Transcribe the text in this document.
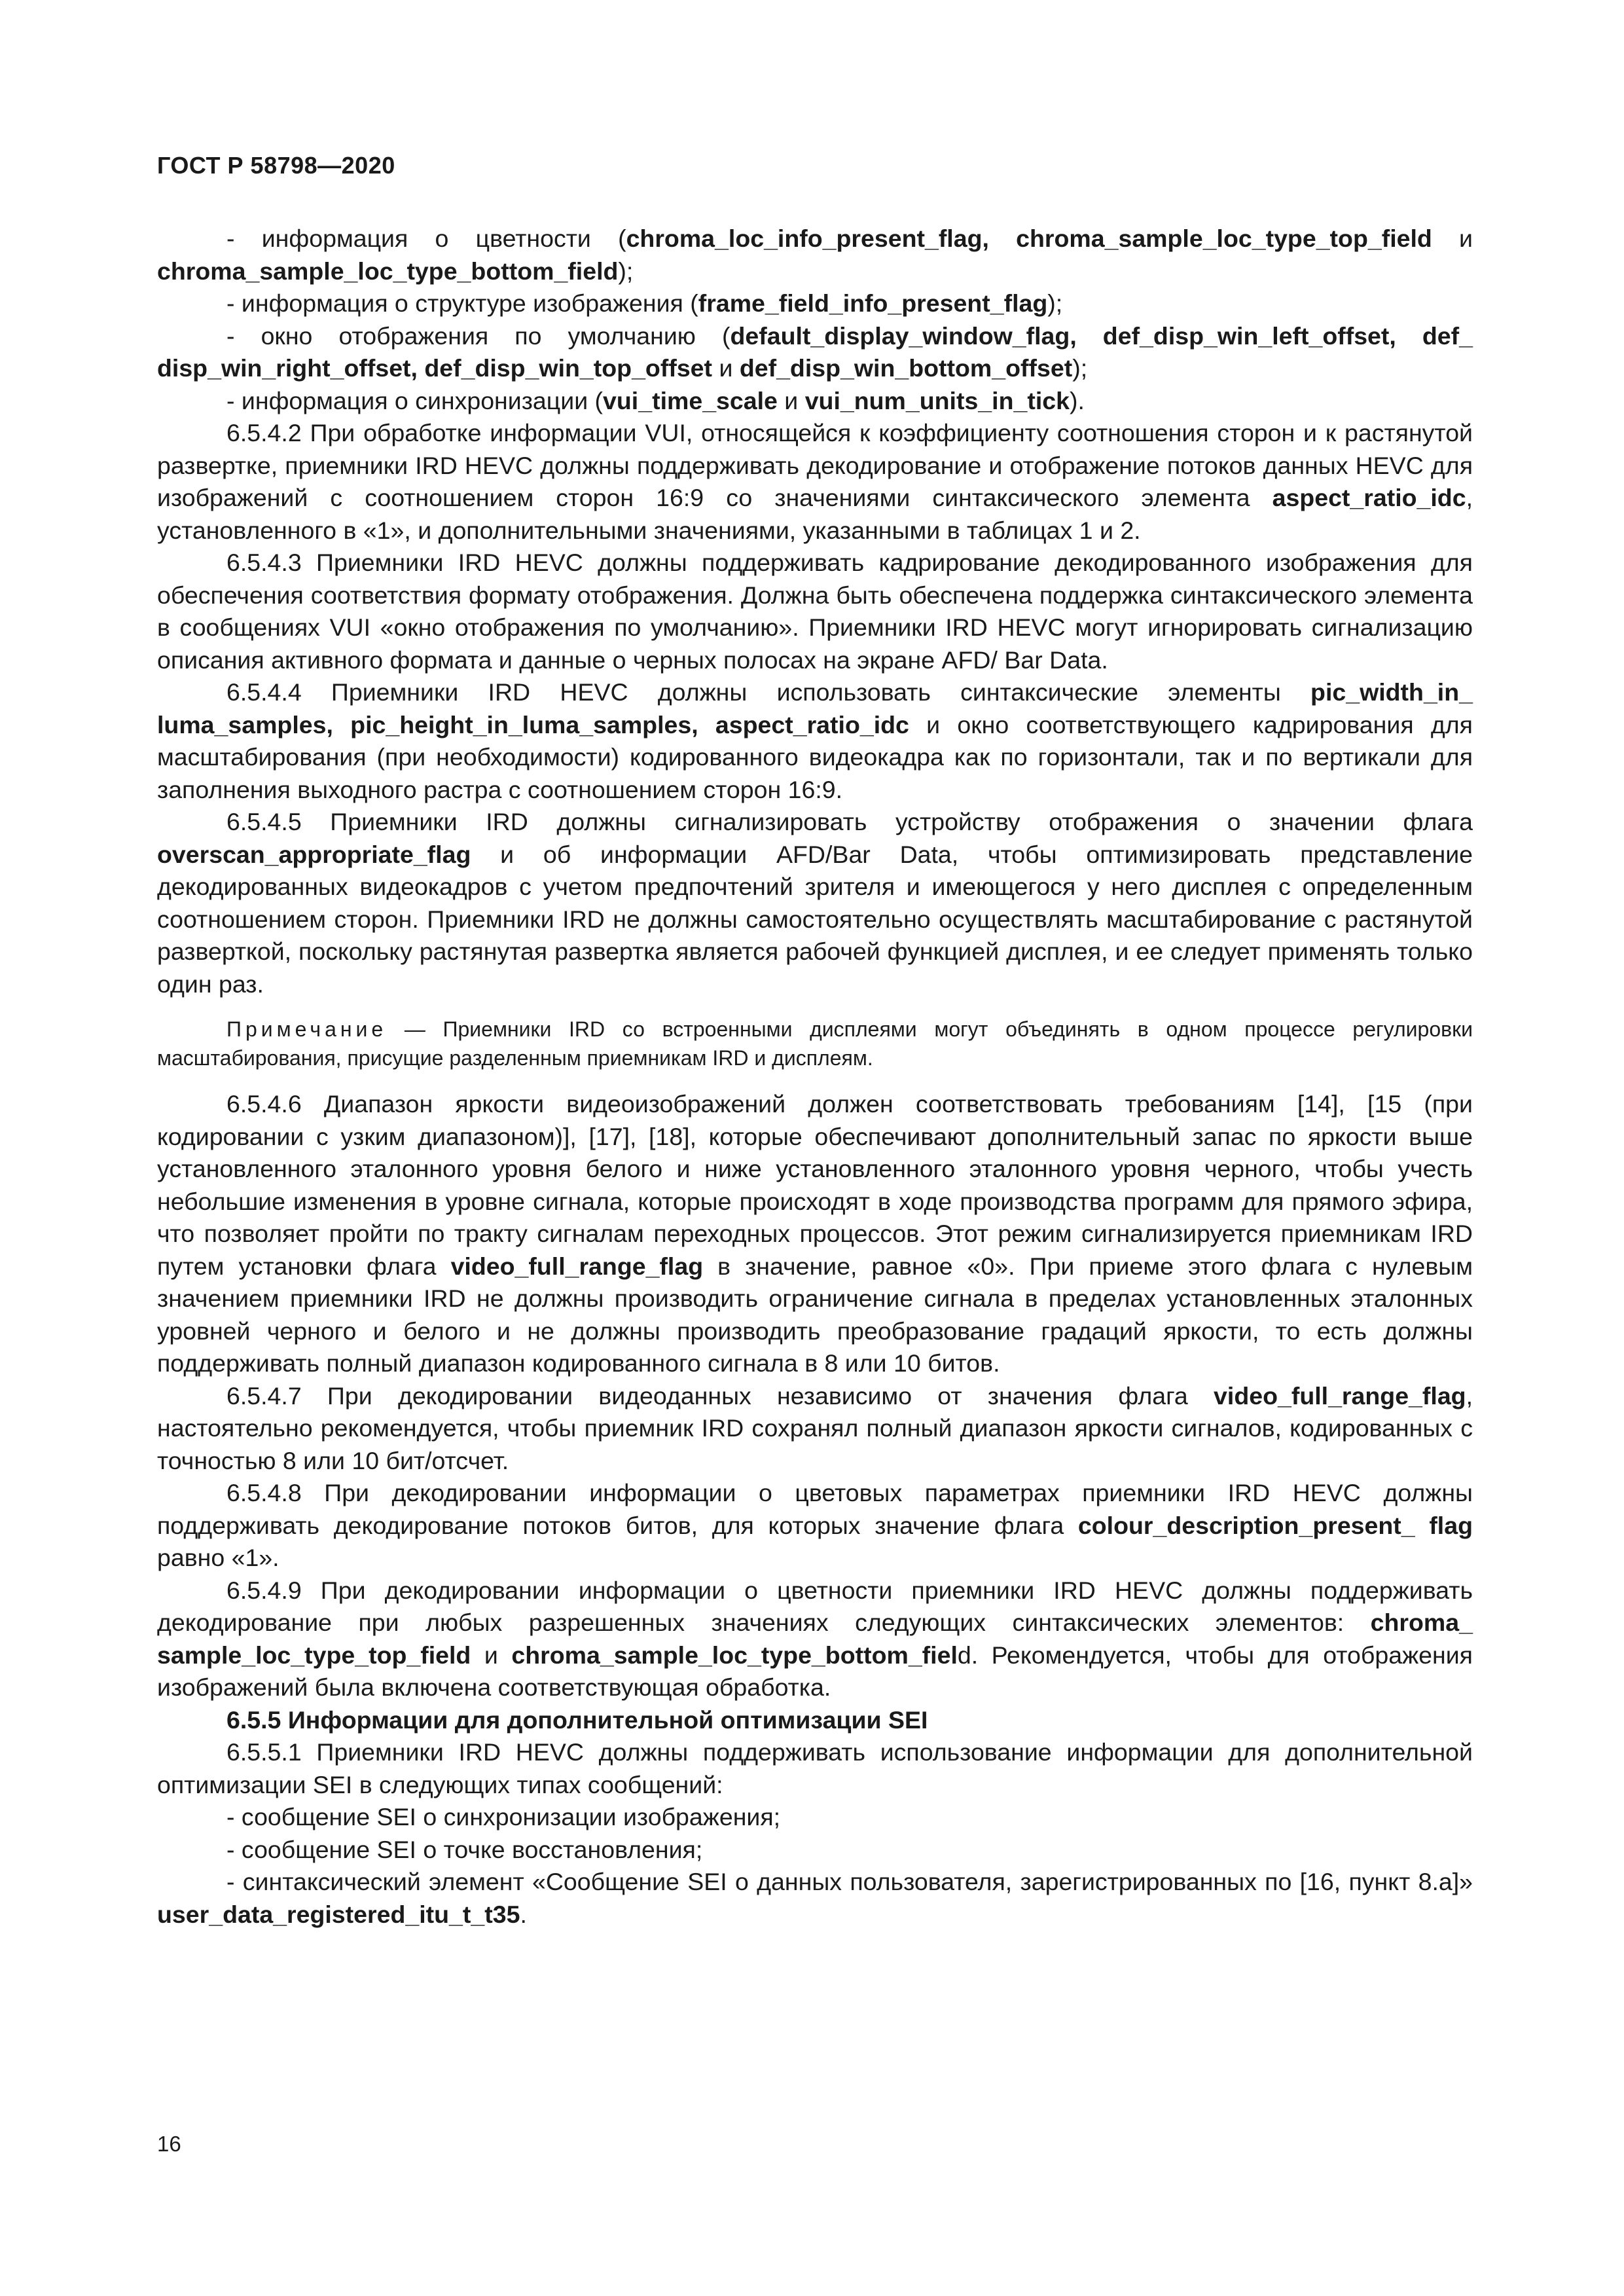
ГОСТ Р 58798—2020

- информация о цветности (chroma_loc_info_present_flag, chroma_sample_loc_type_top_field и chroma_sample_loc_type_bottom_field);

- информация о структуре изображения (frame_field_info_present_flag);

- окно отображения по умолчанию (default_display_window_flag, def_disp_win_left_offset, def_ disp_win_right_offset, def_disp_win_top_offset и def_disp_win_bottom_offset);

- информация о синхронизации (vui_time_scale и vui_num_units_in_tick).

6.5.4.2 При обработке информации VUI, относящейся к коэффициенту соотношения сторон и к растянутой развертке, приемники IRD HEVC должны поддерживать декодирование и отображение потоков данных HEVC для изображений с соотношением сторон 16:9 со значениями синтаксического элемента aspect_ratio_idc, установленного в «1», и дополнительными значениями, указанными в таблицах 1 и 2.

6.5.4.3 Приемники IRD HEVC должны поддерживать кадрирование декодированного изображения для обеспечения соответствия формату отображения. Должна быть обеспечена поддержка синтаксического элемента в сообщениях VUI «окно отображения по умолчанию». Приемники IRD HEVC могут игнорировать сигнализацию описания активного формата и данные о черных полосах на экране AFD/ Bar Data.

6.5.4.4 Приемники IRD HEVC должны использовать синтаксические элементы pic_width_in_ luma_samples, pic_height_in_luma_samples, aspect_ratio_idc и окно соответствующего кадрирования для масштабирования (при необходимости) кодированного видеокадра как по горизонтали, так и по вертикали для заполнения выходного растра с соотношением сторон 16:9.

6.5.4.5 Приемники IRD должны сигнализировать устройству отображения о значении флага overscan_appropriate_flag и об информации AFD/Bar Data, чтобы оптимизировать представление декодированных видеокадров с учетом предпочтений зрителя и имеющегося у него дисплея с определенным соотношением сторон. Приемники IRD не должны самостоятельно осуществлять масштабирование с растянутой разверткой, поскольку растянутая развертка является рабочей функцией дисплея, и ее следует применять только один раз.

Примечание — Приемники IRD со встроенными дисплеями могут объединять в одном процессе регулировки масштабирования, присущие разделенным приемникам IRD и дисплеям.

6.5.4.6 Диапазон яркости видеоизображений должен соответствовать требованиям [14], [15 (при кодировании с узким диапазоном)], [17], [18], которые обеспечивают дополнительный запас по яркости выше установленного эталонного уровня белого и ниже установленного эталонного уровня черного, чтобы учесть небольшие изменения в уровне сигнала, которые происходят в ходе производства программ для прямого эфира, что позволяет пройти по тракту сигналам переходных процессов. Этот режим сигнализируется приемникам IRD путем установки флага video_full_range_flag в значение, равное «0». При приеме этого флага с нулевым значением приемники IRD не должны производить ограничение сигнала в пределах установленных эталонных уровней черного и белого и не должны производить преобразование градаций яркости, то есть должны поддерживать полный диапазон кодированного сигнала в 8 или 10 битов.

6.5.4.7 При декодировании видеоданных независимо от значения флага video_full_range_flag, настоятельно рекомендуется, чтобы приемник IRD сохранял полный диапазон яркости сигналов, кодированных с точностью 8 или 10 бит/отсчет.

6.5.4.8 При декодировании информации о цветовых параметрах приемники IRD HEVC должны поддерживать декодирование потоков битов, для которых значение флага colour_description_present_ flag равно «1».

6.5.4.9 При декодировании информации о цветности приемники IRD HEVC должны поддерживать декодирование при любых разрешенных значениях следующих синтаксических элементов: chroma_ sample_loc_type_top_field и chroma_sample_loc_type_bottom_field. Рекомендуется, чтобы для отображения изображений была включена соответствующая обработка.

6.5.5 Информации для дополнительной оптимизации SEI

6.5.5.1 Приемники IRD HEVC должны поддерживать использование информации для дополнительной оптимизации SEI в следующих типах сообщений:

- сообщение SEI о синхронизации изображения;

- сообщение SEI о точке восстановления;

- синтаксический элемент «Сообщение SEI о данных пользователя, зарегистрированных по [16, пункт 8.а]» user_data_registered_itu_t_t35.

16
